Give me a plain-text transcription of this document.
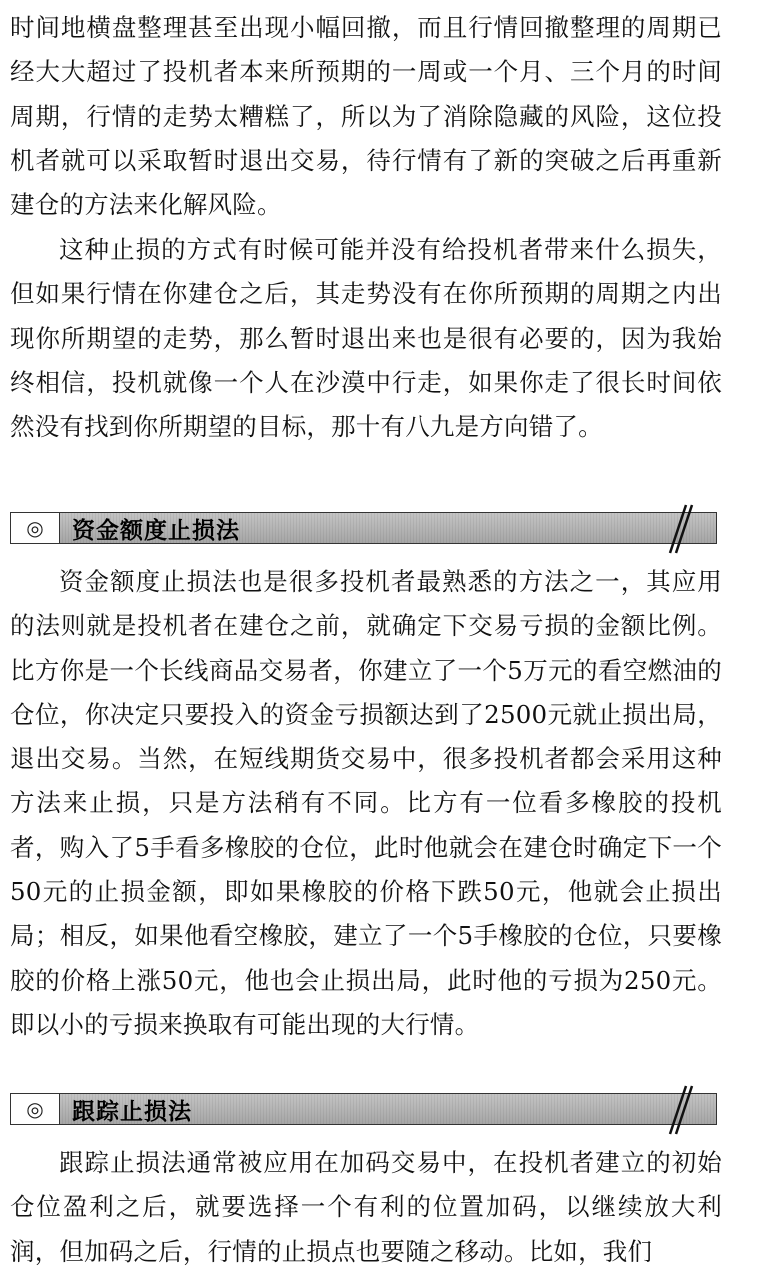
时间地横盘整理甚至出现小幅回撤，而且行情回撤整理的周期已经大大超过了投机者本来所预期的一周或一个月、三个月的时间周期，行情的走势太糟糕了，所以为了消除隐藏的风险，这位投机者就可以采取暂时退出交易，待行情有了新的突破之后再重新建仓的方法来化解风险。

这种止损的方式有时候可能并没有给投机者带来什么损失，但如果行情在你建仓之后，其走势没有在你所预期的周期之内出现你所期望的走势，那么暂时退出来也是很有必要的，因为我始终相信，投机就像一个人在沙漠中行走，如果你走了很长时间依然没有找到你所期望的目标，那十有八九是方向错了。

◎	资金额度止损法

资金额度止损法也是很多投机者最熟悉的方法之一，其应用的法则就是投机者在建仓之前，就确定下交易亏损的金额比例。比方你是一个长线商品交易者，你建立了一个5万元的看空燃油的仓位，你决定只要投入的资金亏损额达到了2500元就止损出局，退出交易。当然，在短线期货交易中，很多投机者都会采用这种方法来止损，只是方法稍有不同。比方有一位看多橡胶的投机者，购入了5手看多橡胶的仓位，此时他就会在建仓时确定下一个50元的止损金额，即如果橡胶的价格下跌50元，他就会止损出局；相反，如果他看空橡胶，建立了一个5手橡胶的仓位，只要橡胶的价格上涨50元，他也会止损出局，此时他的亏损为250元。即以小的亏损来换取有可能出现的大行情。

◎	跟踪止损法

跟踪止损法通常被应用在加码交易中，在投机者建立的初始仓位盈利之后，就要选择一个有利的位置加码，以继续放大利润，但加码之后，行情的止损点也要随之移动。比如，我们
